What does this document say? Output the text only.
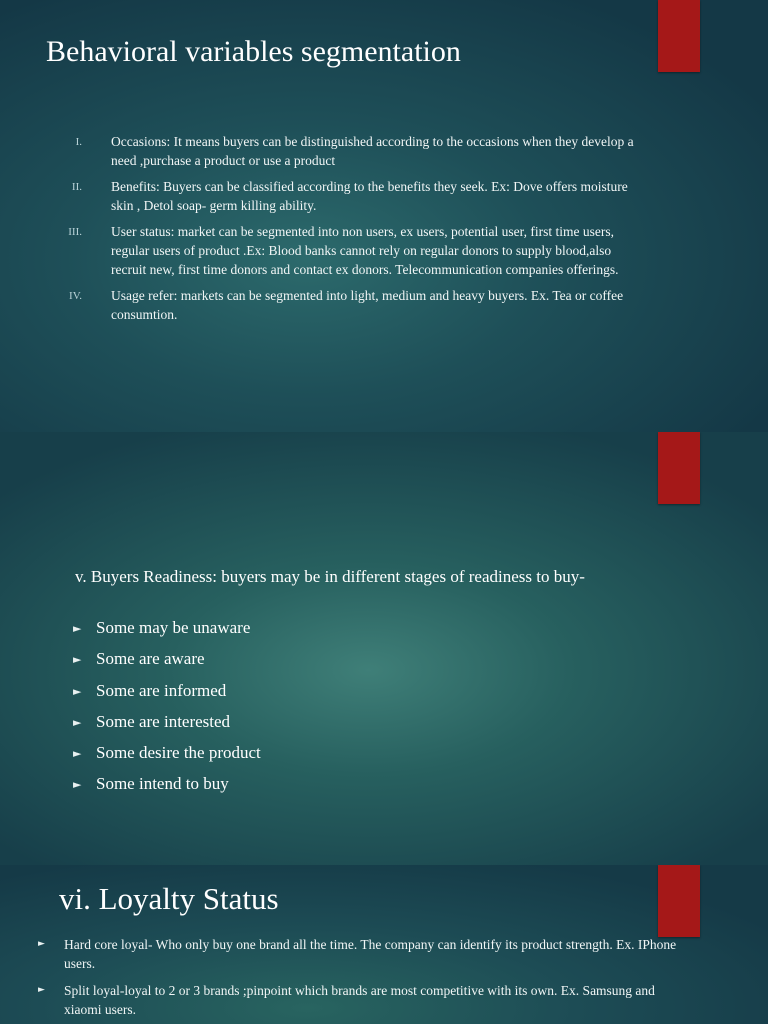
Behavioral variables segmentation
I. Occasions: It means buyers can be distinguished according to the occasions when they develop a need ,purchase a product or use a product
II. Benefits: Buyers can be classified according to the benefits they seek. Ex: Dove offers moisture skin , Detol soap- germ killing ability.
III. User status: market can be segmented into non users, ex users, potential user, first time users, regular users of product .Ex: Blood banks cannot rely on regular donors to supply blood,also recruit new, first time donors and contact ex donors. Telecommunication companies offerings.
IV. Usage refer: markets can be segmented into light, medium and heavy buyers. Ex. Tea or coffee consumtion.
v. Buyers Readiness: buyers may be in different stages of readiness to buy-
► Some may be unaware
► Some are aware
► Some are informed
► Some are interested
► Some desire the product
► Some intend to buy
vi. Loyalty Status
► Hard core loyal- Who only buy one brand all the time. The company can identify its product strength. Ex. IPhone users.
► Split loyal-loyal to 2 or 3 brands ;pinpoint which brands are most competitive with its own. Ex. Samsung and xiaomi users.
